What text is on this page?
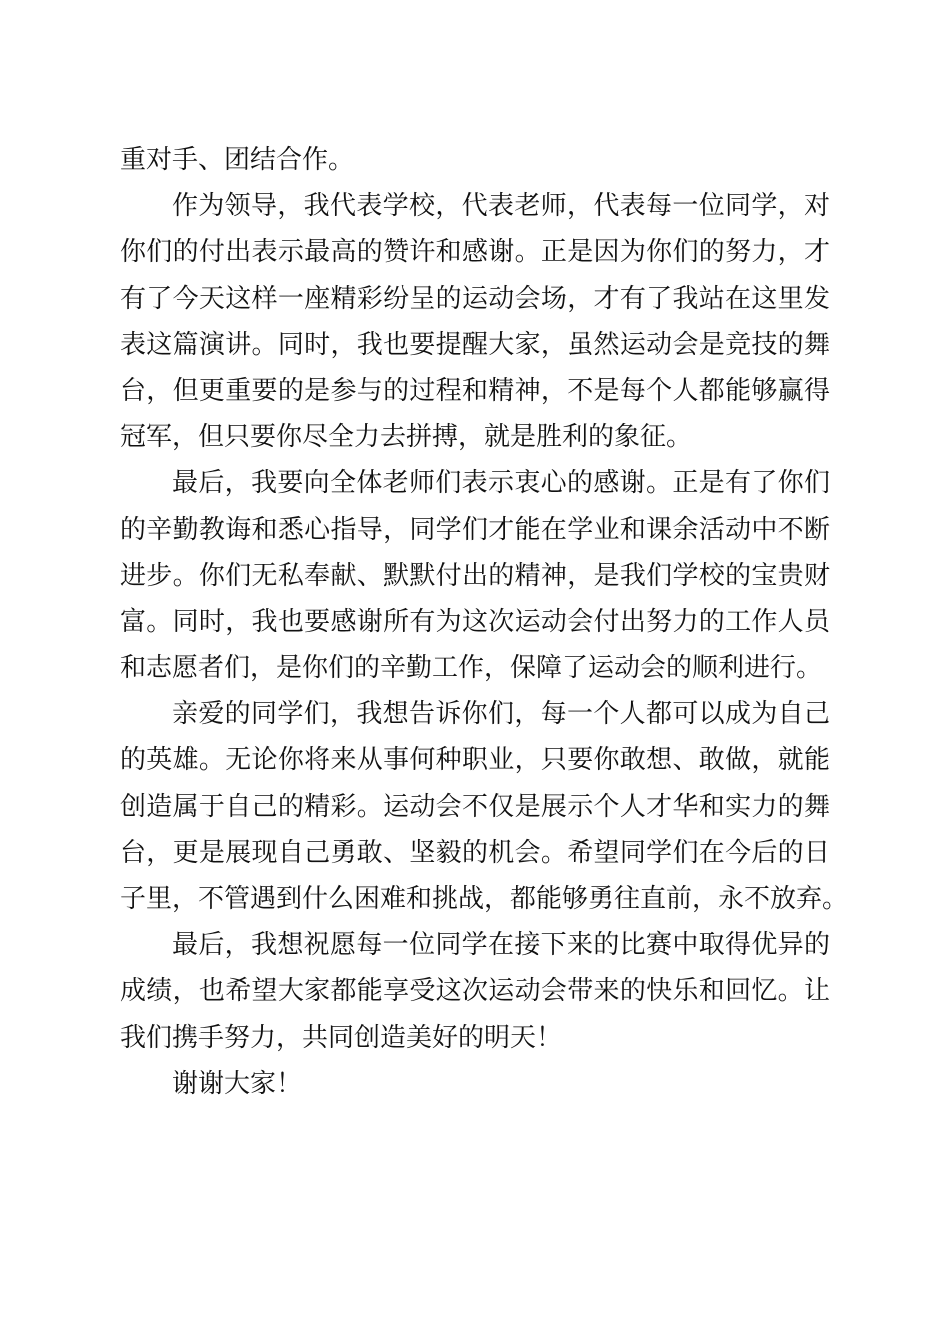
重对手、团结合作。
作为领导，我代表学校，代表老师，代表每一位同学，对
你们的付出表示最高的赞许和感谢。正是因为你们的努力，才
有了今天这样一座精彩纷呈的运动会场，才有了我站在这里发
表这篇演讲。同时，我也要提醒大家，虽然运动会是竞技的舞
台，但更重要的是参与的过程和精神，不是每个人都能够赢得
冠军，但只要你尽全力去拼搏，就是胜利的象征。
最后，我要向全体老师们表示衷心的感谢。正是有了你们
的辛勤教诲和悉心指导，同学们才能在学业和课余活动中不断
进步。你们无私奉献、默默付出的精神，是我们学校的宝贵财
富。同时，我也要感谢所有为这次运动会付出努力的工作人员
和志愿者们，是你们的辛勤工作，保障了运动会的顺利进行。
亲爱的同学们，我想告诉你们，每一个人都可以成为自己
的英雄。无论你将来从事何种职业，只要你敢想、敢做，就能
创造属于自己的精彩。运动会不仅是展示个人才华和实力的舞
台，更是展现自己勇敢、坚毅的机会。希望同学们在今后的日
子里，不管遇到什么困难和挑战，都能够勇往直前，永不放弃。
最后，我想祝愿每一位同学在接下来的比赛中取得优异的
成绩，也希望大家都能享受这次运动会带来的快乐和回忆。让
我们携手努力，共同创造美好的明天！
谢谢大家！
